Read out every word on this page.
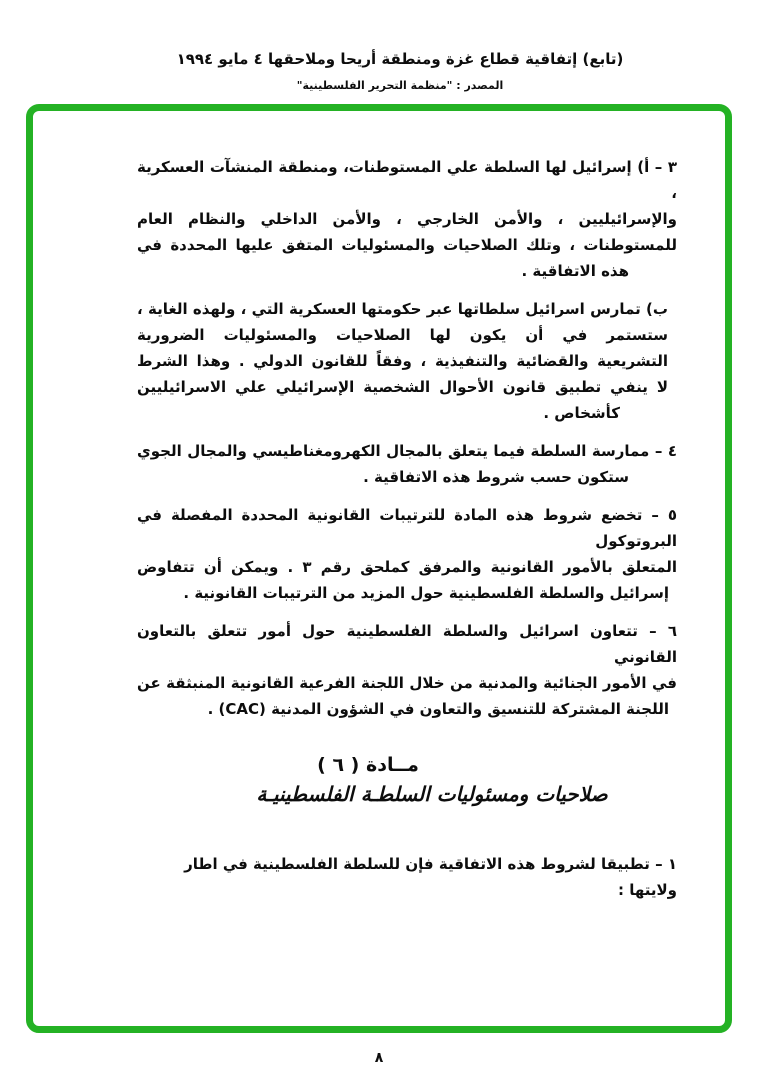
(تابع) إتفاقية قطاع غزة ومنطقة أريحا وملاحقها ٤ مايو ١٩٩٤
المصدر : "منظمة التحرير الفلسطينية"
٣ – أ) إسرائيل لها السلطة علي المستوطنات، ومنطقة المنشآت العسكرية ،
والإسرائيليين ، والأمن الخارجي ، والأمن الداخلي والنظام العام
للمستوطنات ، وتلك الصلاحيات والمسئوليات المتفق عليها المحددة في
هذه الاتفاقية .
ب) تمارس اسرائيل سلطاتها عبر حكومتها العسكرية التي ، ولهذه الغاية ،
ستستمر في أن يكون لها الصلاحيات والمسئوليات الضرورية
التشريعية والقضائية والتنفيذية ، وفقاً للقانون الدولي . وهذا الشرط
لا ينفي تطبيق قانون الأحوال الشخصية الإسرائيلي علي الاسرائيليين
كأشخاص .
٤ – ممارسة السلطة فيما يتعلق بالمجال الكهرومغناطيسي والمجال الجوي
ستكون حسب شروط هذه الاتفاقية .
٥ – تخضع شروط هذه المادة للترتيبات القانونية المحددة المفصلة في البروتوكول
المتعلق بالأمور القانونية والمرفق كملحق رقم ٣ . ويمكن أن تتفاوض
إسرائيل والسلطة الفلسطينية حول المزيد من الترتيبات القانونية .
٦ – تتعاون اسرائيل والسلطة الفلسطينية حول أمور تتعلق بالتعاون القانوني
في الأمور الجنائية والمدنية من خلال اللجنة الفرعية القانونية المنبثقة عن
اللجنة المشتركة للتنسيق والتعاون في الشؤون المدنية (CAC) .
مــادة ( ٦ )
صلاحيات ومسئوليات السلطـة الفلسطينيـة
١ – تطبيقا لشروط هذه الاتفاقية فإن للسلطة الفلسطينية في اطار ولايتها :
٨
